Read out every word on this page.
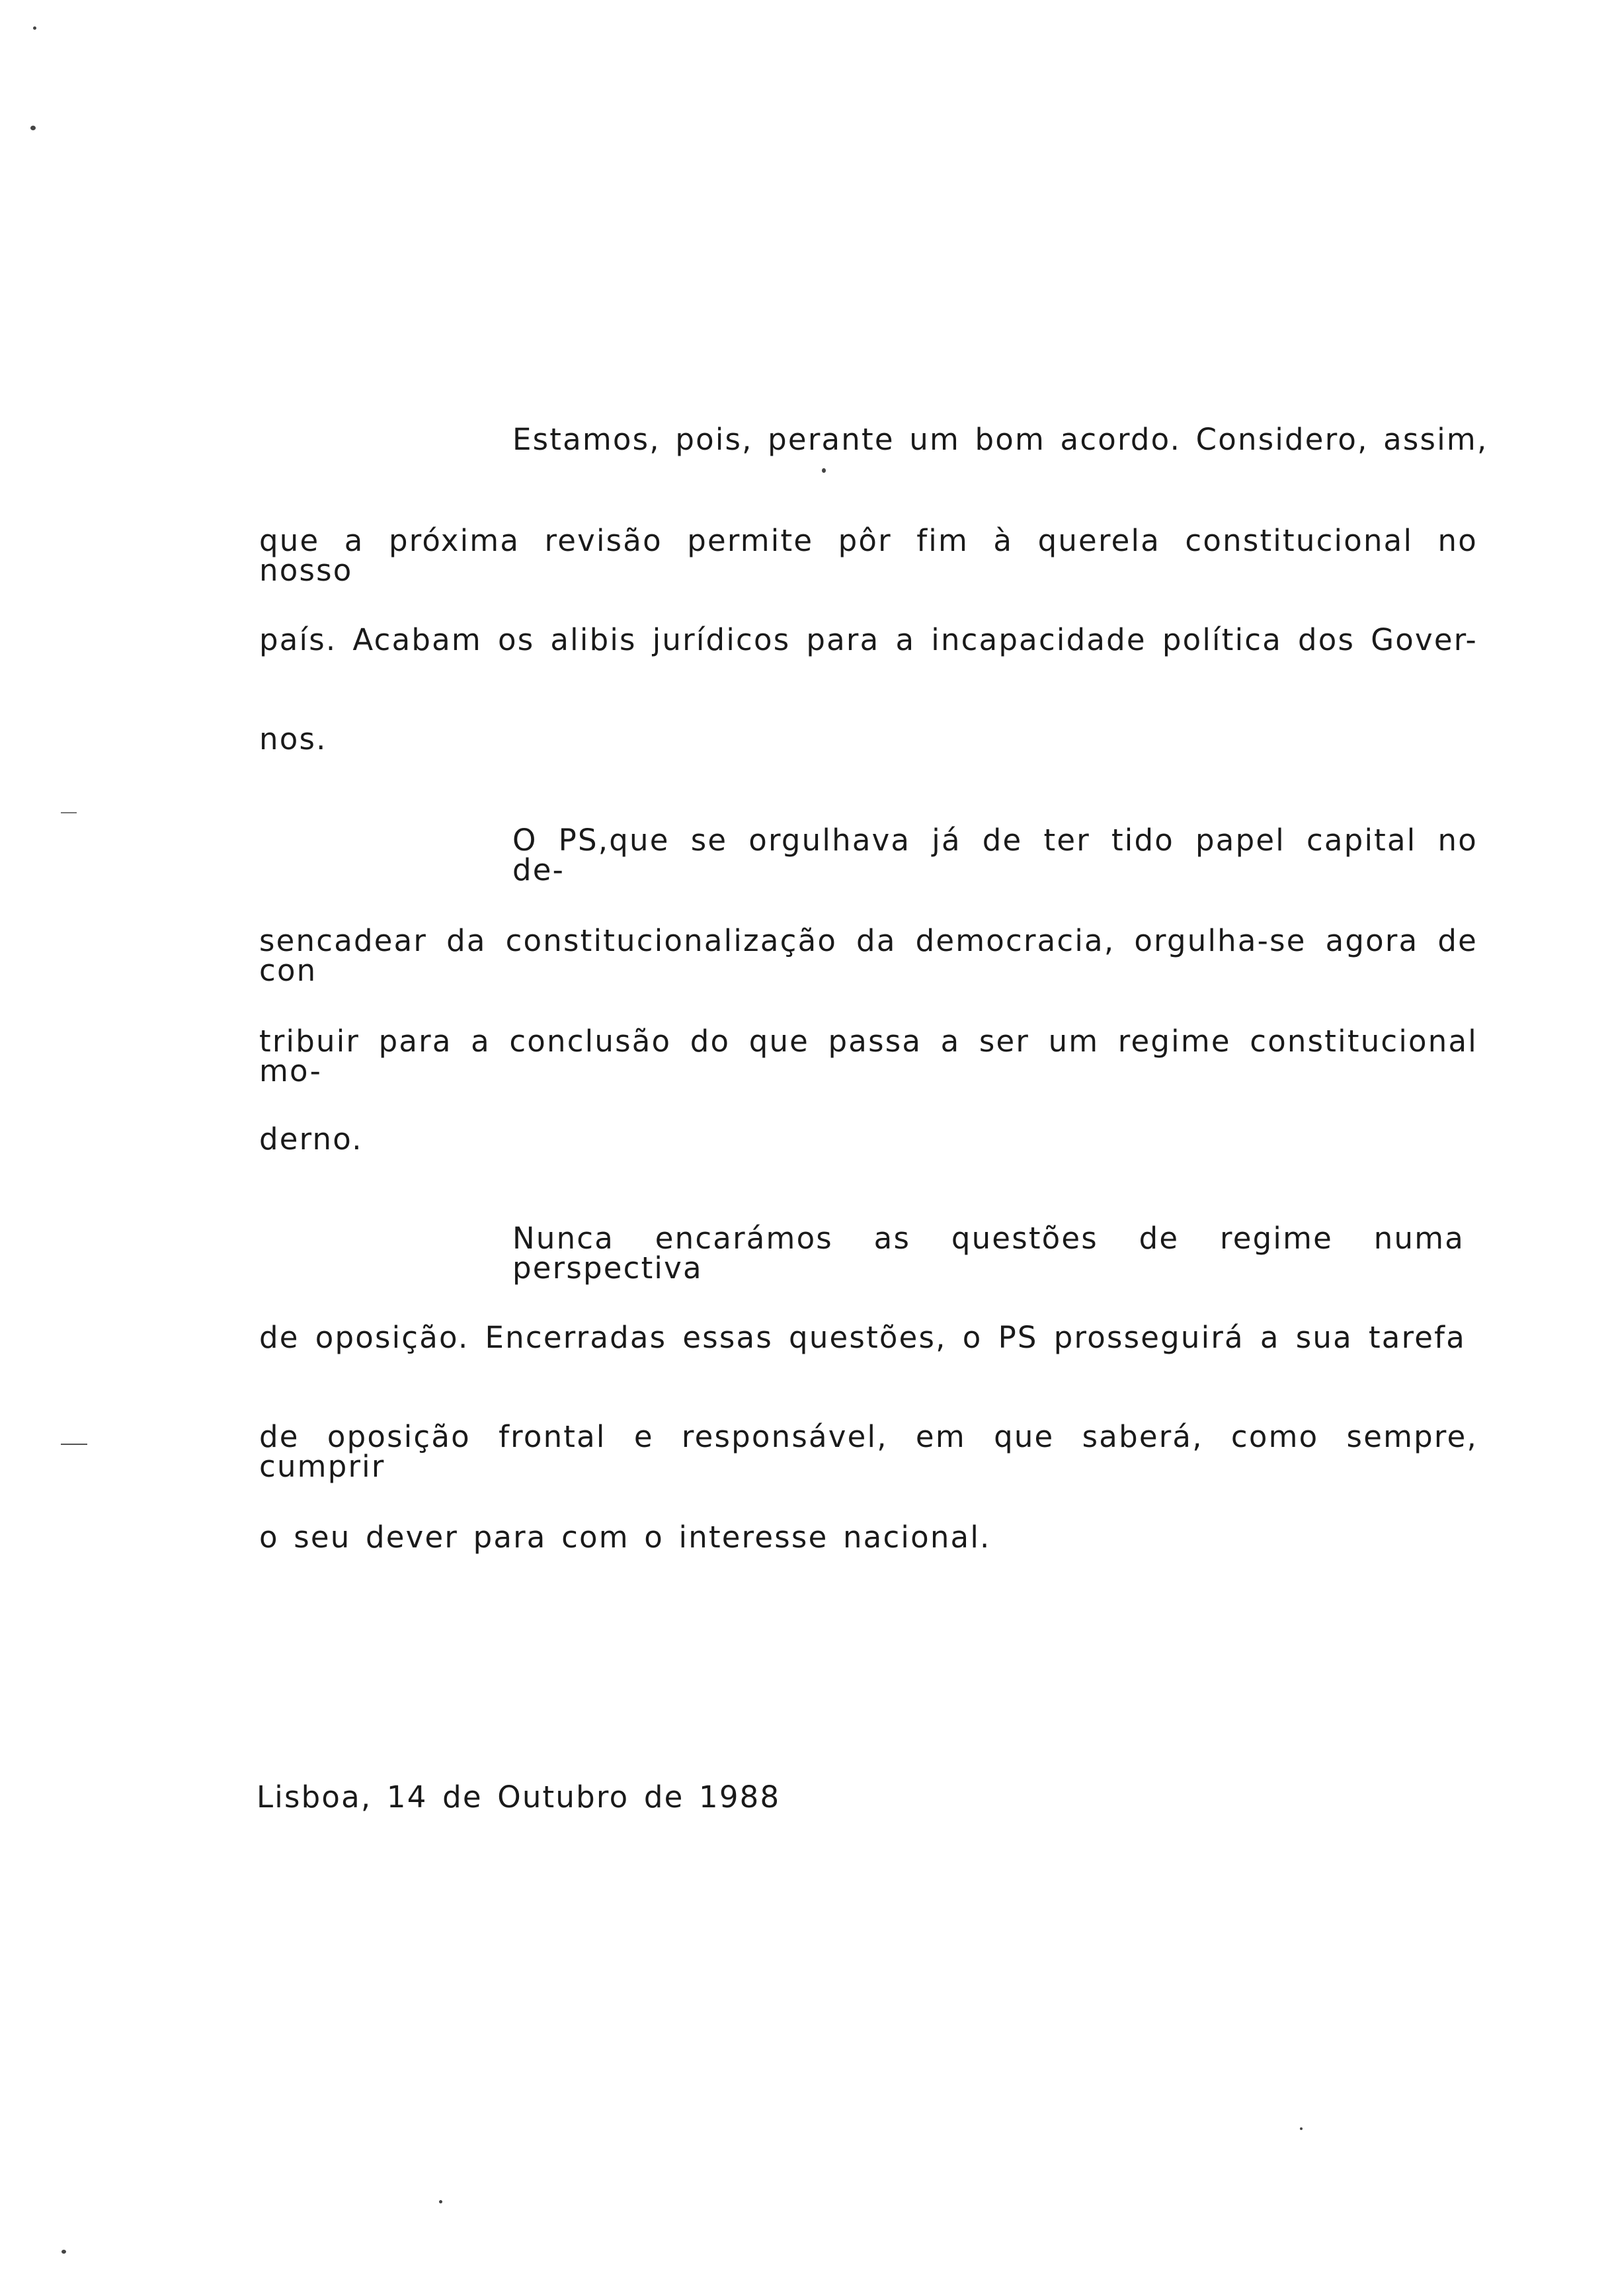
Estamos, pois, perante um bom acordo. Considero, assim,
que a próxima revisão permite pôr fim à querela constitucional no nosso
país. Acabam os alibis jurídicos para a incapacidade política dos Gover-
nos.
O PS,que se orgulhava já de ter tido papel capital no de-
sencadear da constitucionalização da democracia, orgulha-se agora de con
tribuir para a conclusão do que passa a ser um regime constitucional mo-
derno.
Nunca encarámos as questões de regime numa perspectiva
de oposição. Encerradas essas questões, o PS prosseguirá a sua tarefa
de oposição frontal e responsável, em que saberá, como sempre, cumprir
o seu dever para com o interesse nacional.
Lisboa, 14 de Outubro de 1988
